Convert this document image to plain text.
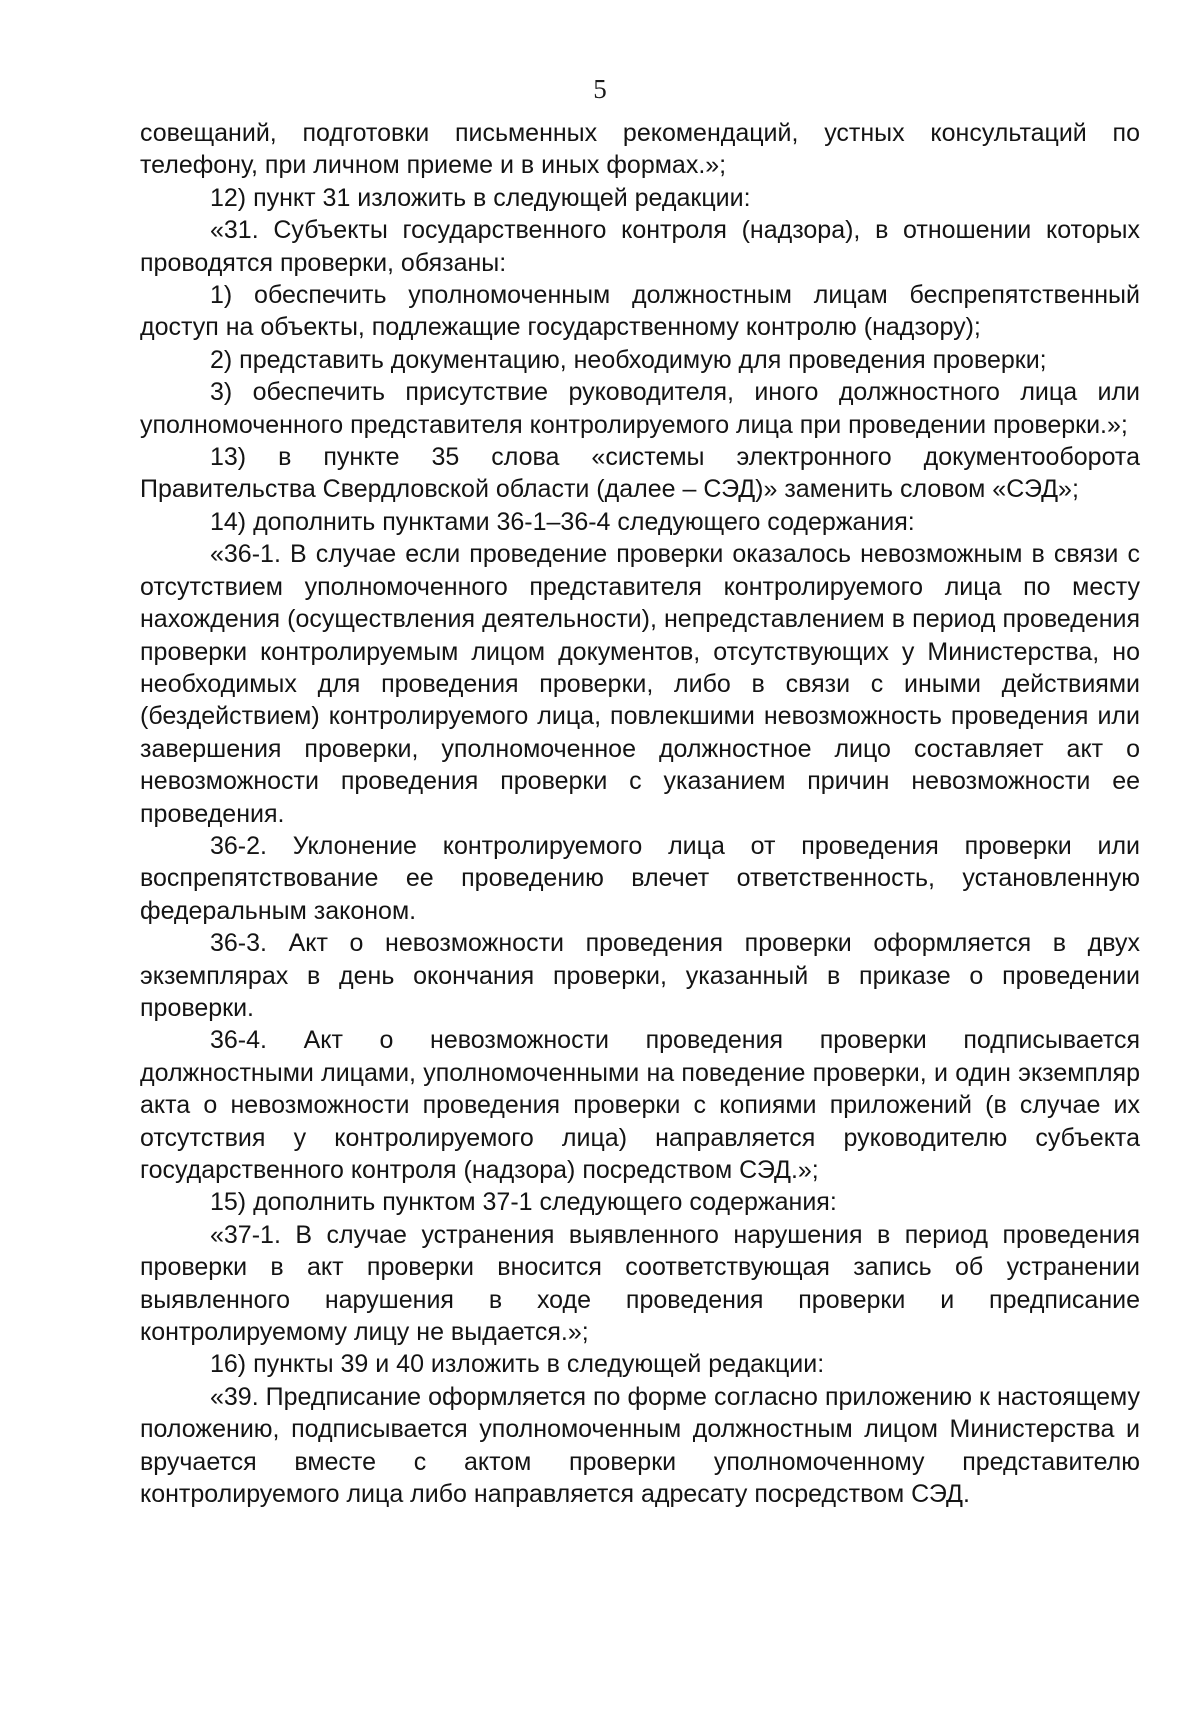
5

совещаний, подготовки письменных рекомендаций, устных консультаций по телефону, при личном приеме и в иных формах.»;

12) пункт 31 изложить в следующей редакции:

«31. Субъекты государственного контроля (надзора), в отношении которых проводятся проверки, обязаны:

1) обеспечить уполномоченным должностным лицам беспрепятственный доступ на объекты, подлежащие государственному контролю (надзору);

2) представить документацию, необходимую для проведения проверки;

3) обеспечить присутствие руководителя, иного должностного лица или уполномоченного представителя контролируемого лица при проведении проверки.»;

13) в пункте 35 слова «системы электронного документооборота Правительства Свердловской области (далее – СЭД)» заменить словом «СЭД»;

14) дополнить пунктами 36-1–36-4 следующего содержания:

«36-1. В случае если проведение проверки оказалось невозможным в связи с отсутствием уполномоченного представителя контролируемого лица по месту нахождения (осуществления деятельности), непредставлением в период проведения проверки контролируемым лицом документов, отсутствующих у Министерства, но необходимых для проведения проверки, либо в связи с иными действиями (бездействием) контролируемого лица, повлекшими невозможность проведения или завершения проверки, уполномоченное должностное лицо составляет акт о невозможности проведения проверки с указанием причин невозможности ее проведения.

36-2. Уклонение контролируемого лица от проведения проверки или воспрепятствование ее проведению влечет ответственность, установленную федеральным законом.

36-3. Акт о невозможности проведения проверки оформляется в двух экземплярах в день окончания проверки, указанный в приказе о проведении проверки.

36-4. Акт о невозможности проведения проверки подписывается должностными лицами, уполномоченными на поведение проверки, и один экземпляр акта о невозможности проведения проверки с копиями приложений (в случае их отсутствия у контролируемого лица) направляется руководителю субъекта государственного контроля (надзора) посредством СЭД.»;

15) дополнить пунктом 37-1 следующего содержания:

«37-1. В случае устранения выявленного нарушения в период проведения проверки в акт проверки вносится соответствующая запись об устранении выявленного нарушения в ходе проведения проверки и предписание контролируемому лицу не выдается.»;

16) пункты 39 и 40 изложить в следующей редакции:

«39. Предписание оформляется по форме согласно приложению к настоящему положению, подписывается уполномоченным должностным лицом Министерства и вручается вместе с актом проверки уполномоченному представителю контролируемого лица либо направляется адресату посредством СЭД.
